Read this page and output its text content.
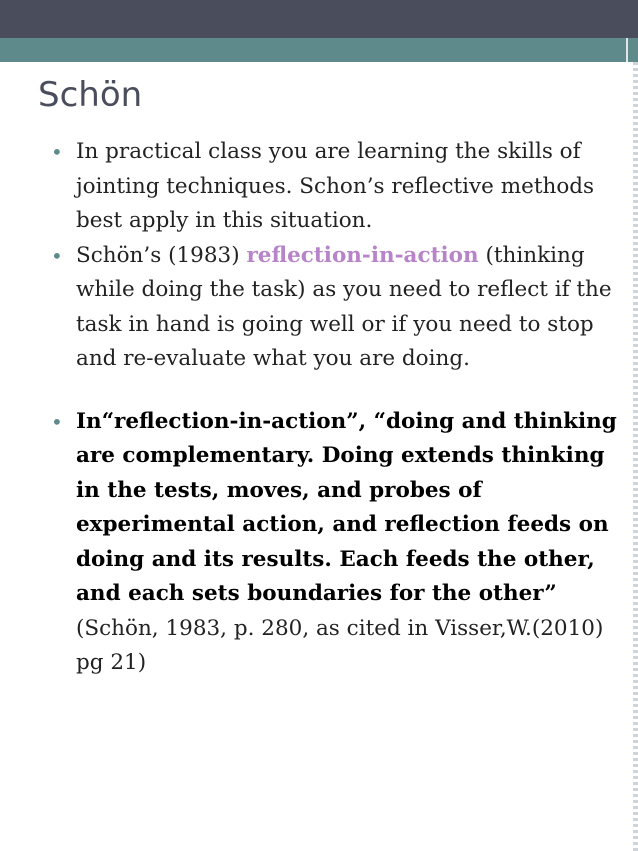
Schön
• In practical class you are learning the skills of jointing techniques. Schon’s reflective methods best apply in this situation.
• Schön’s (1983) reflection-in-action (thinking while doing the task) as you need to reflect if the task in hand is going well or if you need to stop and re-evaluate what you are doing.
• In“reflection-in-action”, “doing and thinking are complementary. Doing extends thinking in the tests, moves, and probes of experimental action, and reflection feeds on doing and its results. Each feeds the other, and each sets boundaries for the other” (Schön, 1983, p. 280, as cited in Visser,W.(2010) pg 21)
